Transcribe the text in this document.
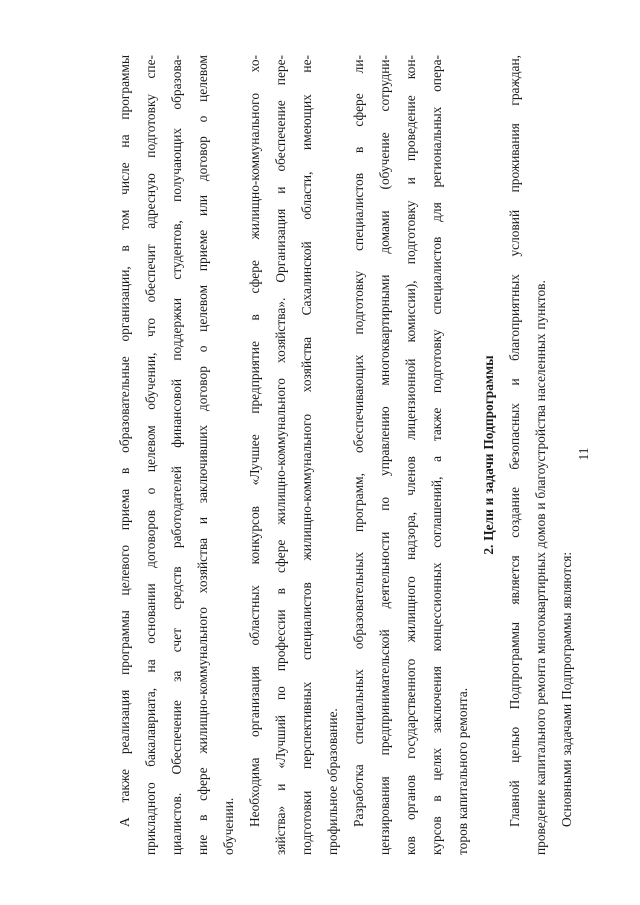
11
А также реализация программы целевого приема в образовательные организации, в том числе на программы прикладного бакалавриата, на основании договоров о целевом обучении, что обеспечит адресную подготовку спе- циалистов. Обеспечение за счет средств работодателей финансовой поддержки студентов, получающих образова- ние в сфере жилищно-коммунального хозяйства и заключивших договор о целевом приеме или договор о целевом обучении. Необходима организация областных конкурсов «Лучшее предприятие в сфере жилищно-коммунального хо- зяйства» и «Лучший по профессии в сфере жилищно-коммунального хозяйства». Организация и обеспечение пере- подготовки перспективных специалистов жилищно-коммунального хозяйства Сахалинской области, имеющих не- профильное образование. Разработка специальных образовательных программ, обеспечивающих подготовку специалистов в сфере ли- цензирования предпринимательской деятельности по управлению многоквартирными домами (обучение сотрудни- ков органов государственного жилищного надзора, членов лицензионной комиссии), подготовку и проведение кон- курсов в целях заключения концессионных соглашений, а также подготовку специалистов для региональных опера- торов капитального ремонта.
2. Цели и задачи Подпрограммы Главной целью Подпрограммы является создание безопасных и благоприятных условий проживания граждан, проведение капитального ремонта многоквартирных домов и благоустройства населенных пунктов. Основными задачами Подпрограммы являются:
